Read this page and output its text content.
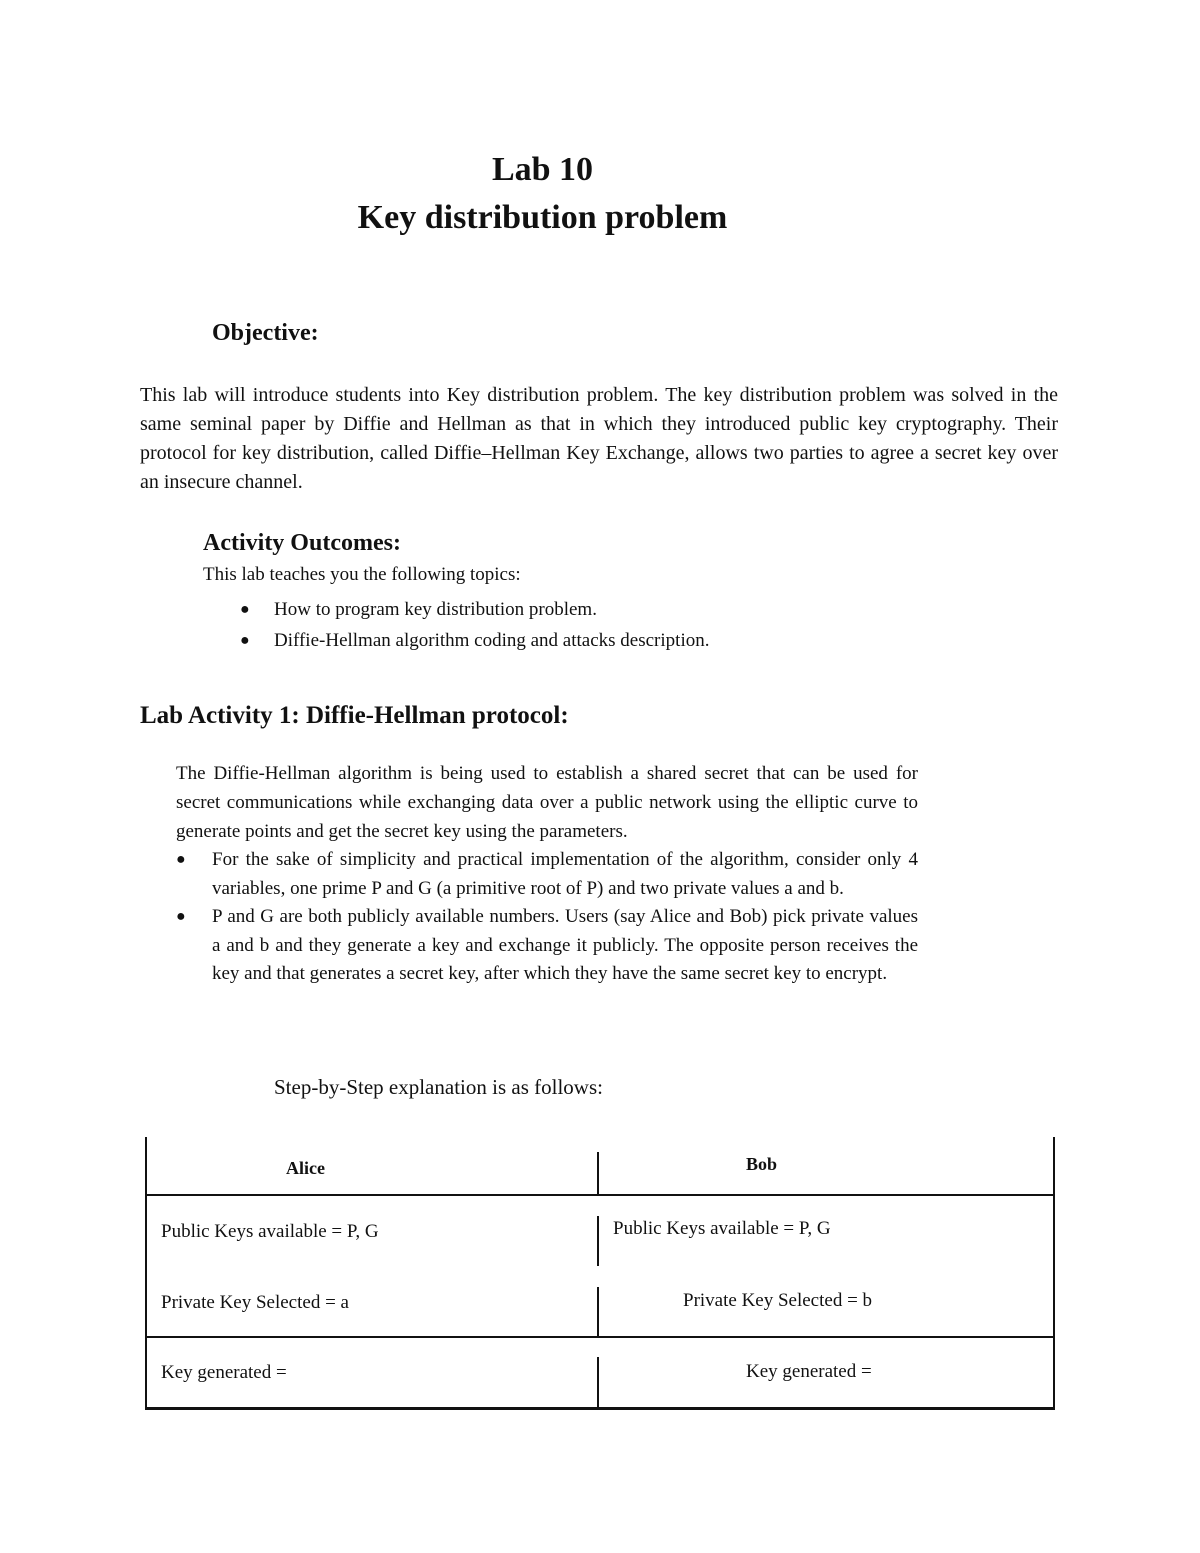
Lab 10
Key distribution problem
Objective:
This lab will introduce students into Key distribution problem. The key distribution problem was solved in the same seminal paper by Diffie and Hellman as that in which they introduced public key cryptography. Their protocol for key distribution, called Diffie–Hellman Key Exchange, allows two parties to agree a secret key over an insecure channel.
Activity Outcomes:
This lab teaches you the following topics:
● How to program key distribution problem.
● Diffie-Hellman algorithm coding and attacks description.
Lab Activity 1: Diffie-Hellman protocol:
The Diffie-Hellman algorithm is being used to establish a shared secret that can be used for secret communications while exchanging data over a public network using the elliptic curve to generate points and get the secret key using the parameters.
● For the sake of simplicity and practical implementation of the algorithm, consider only 4 variables, one prime P and G (a primitive root of P) and two private values a and b.
● P and G are both publicly available numbers. Users (say Alice and Bob) pick private values a and b and they generate a key and exchange it publicly. The opposite person receives the key and that generates a secret key, after which they have the same secret key to encrypt.
Step-by-Step explanation is as follows:
Alice	Bob
Public Keys available = P, G	Public Keys available = P, G
Private Key Selected = a	Private Key Selected = b
Key generated =	Key generated =
